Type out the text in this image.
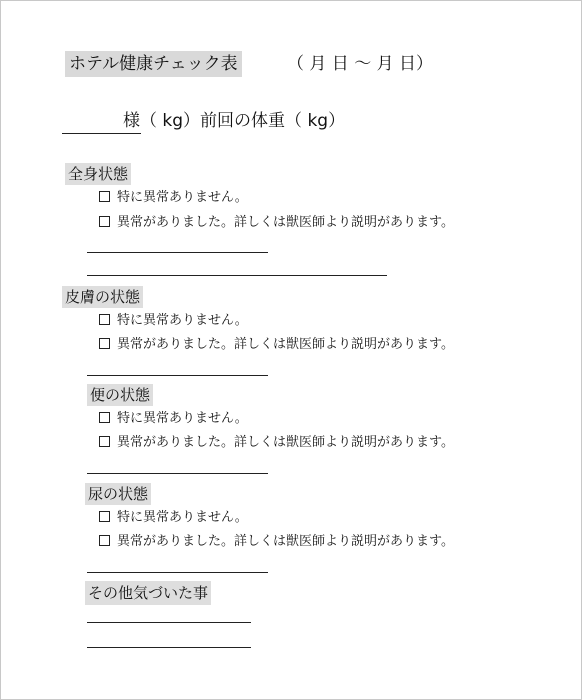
ホテル健康チェック表	（ 月 日 ～ 月 日）
様（ kg）前回の体重（ kg）
全身状態
特に異常ありません。
異常がありました。詳しくは獣医師より説明があります。
皮膚の状態
特に異常ありません。
異常がありました。詳しくは獣医師より説明があります。
便の状態
特に異常ありません。
異常がありました。詳しくは獣医師より説明があります。
尿の状態
特に異常ありません。
異常がありました。詳しくは獣医師より説明があります。
その他気づいた事
